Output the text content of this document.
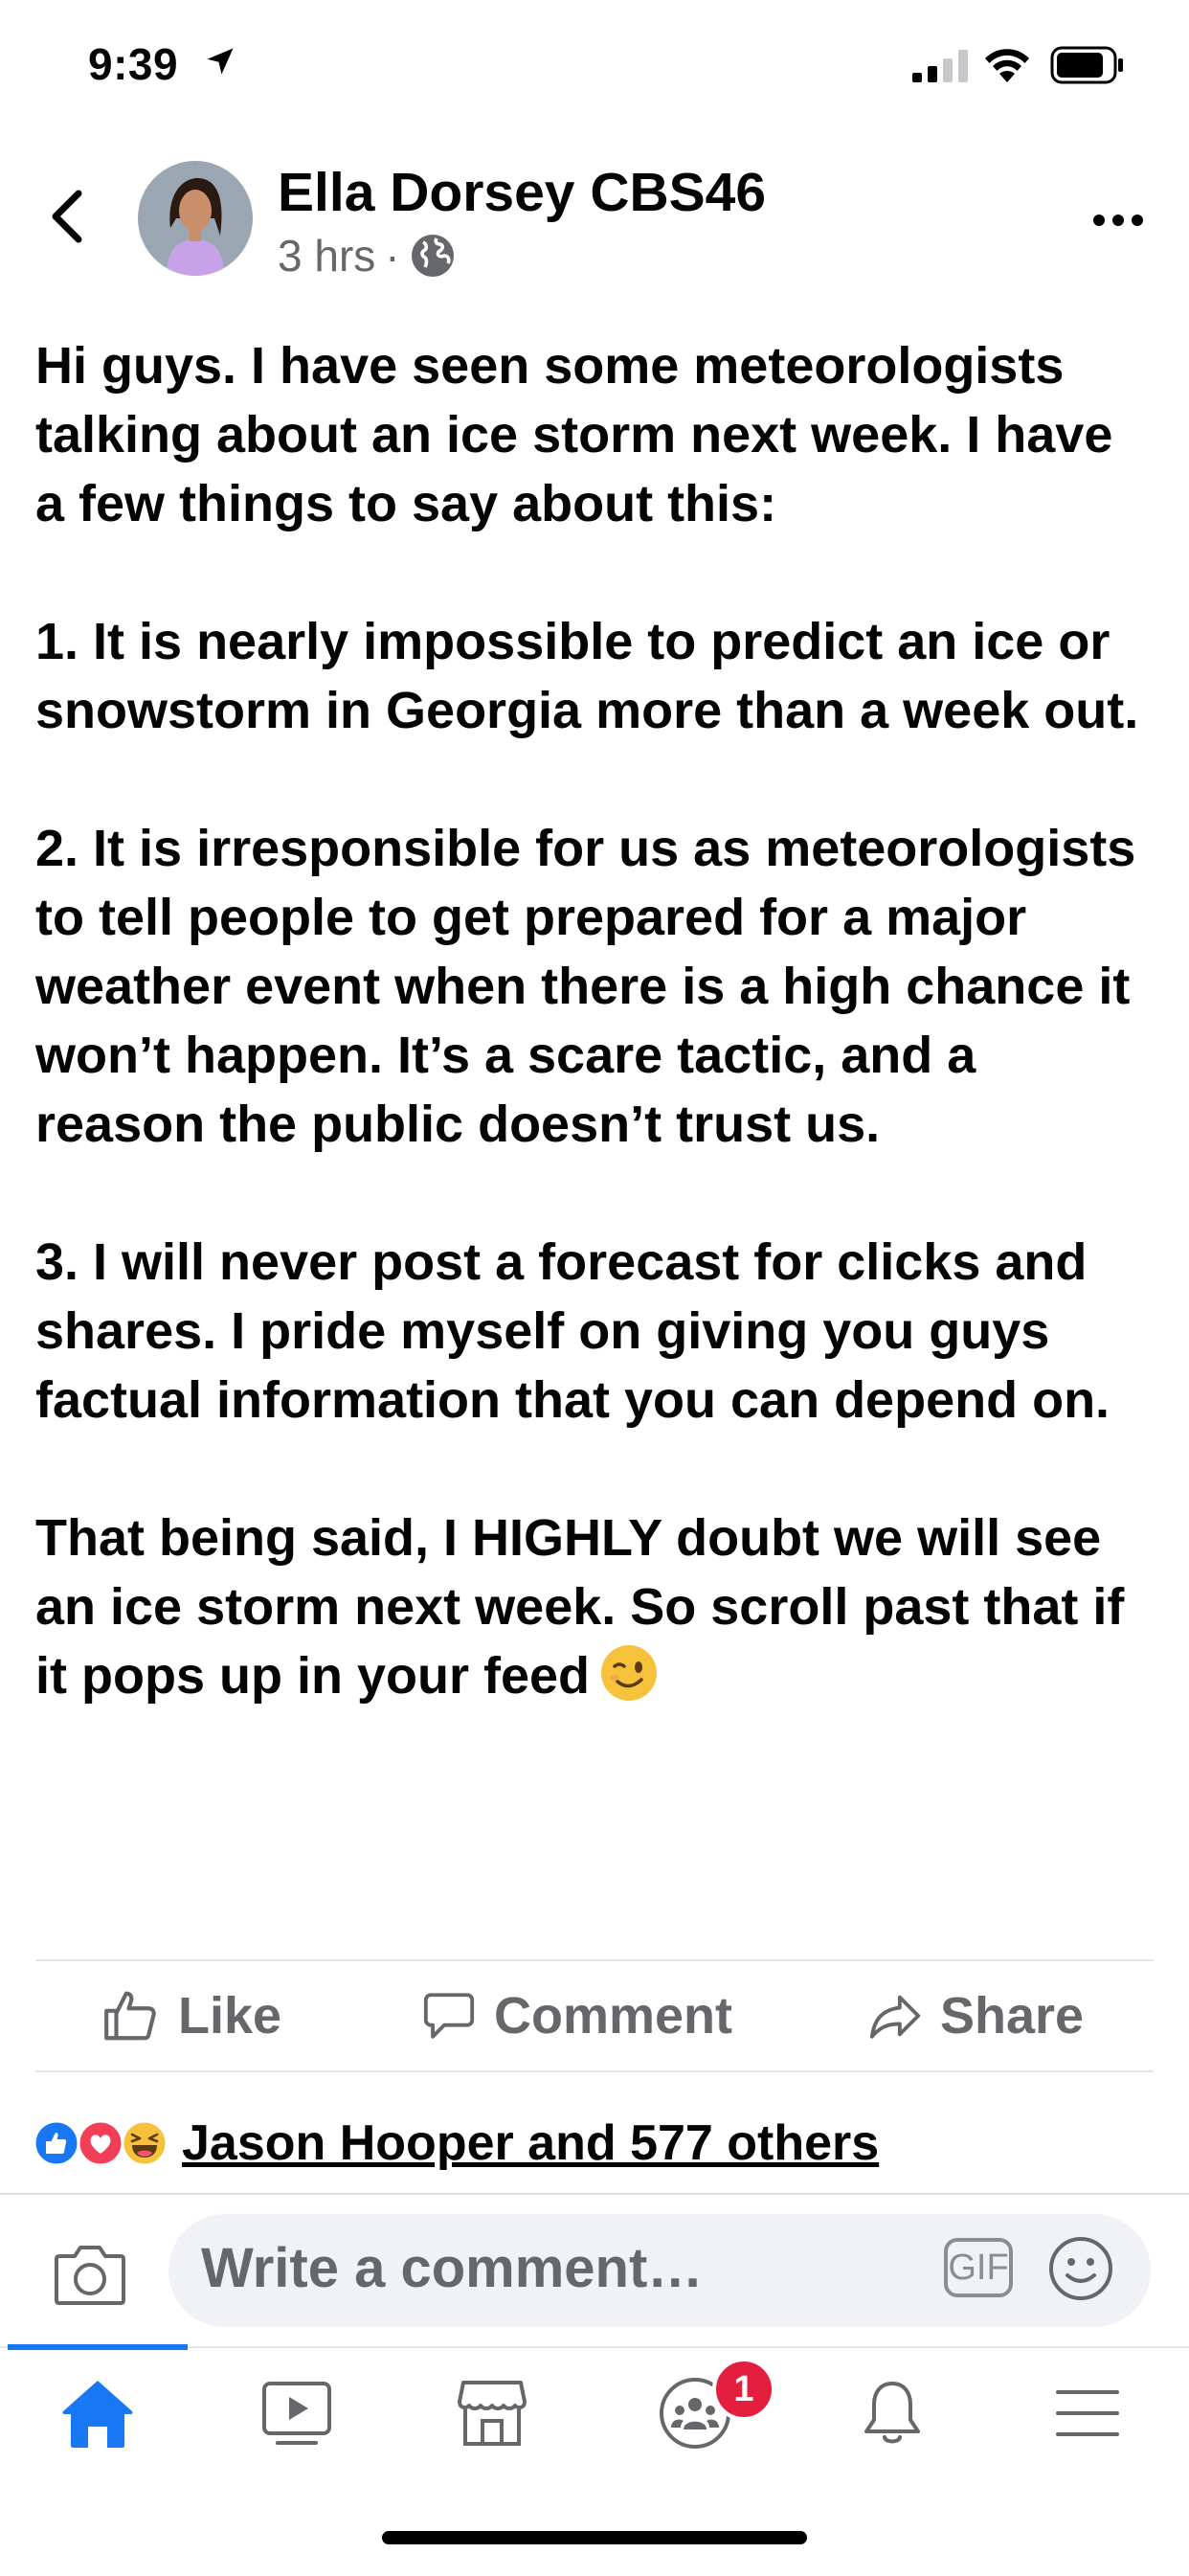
9:39
Ella Dorsey CBS46
3 hrs ·

Hi guys. I have seen some meteorologists talking about an ice storm next week. I have a few things to say about this:

1. It is nearly impossible to predict an ice or snowstorm in Georgia more than a week out.

2. It is irresponsible for us as meteorologists to tell people to get prepared for a major weather event when there is a high chance it won’t happen. It’s a scare tactic, and a reason the public doesn’t trust us.

3. I will never post a forecast for clicks and shares. I pride myself on giving you guys factual information that you can depend on.

That being said, I HIGHLY doubt we will see an ice storm next week. So scroll past that if it pops up in your feed

Like	Comment	Share
Jason Hooper and 577 others
Write a comment…	GIF
1
